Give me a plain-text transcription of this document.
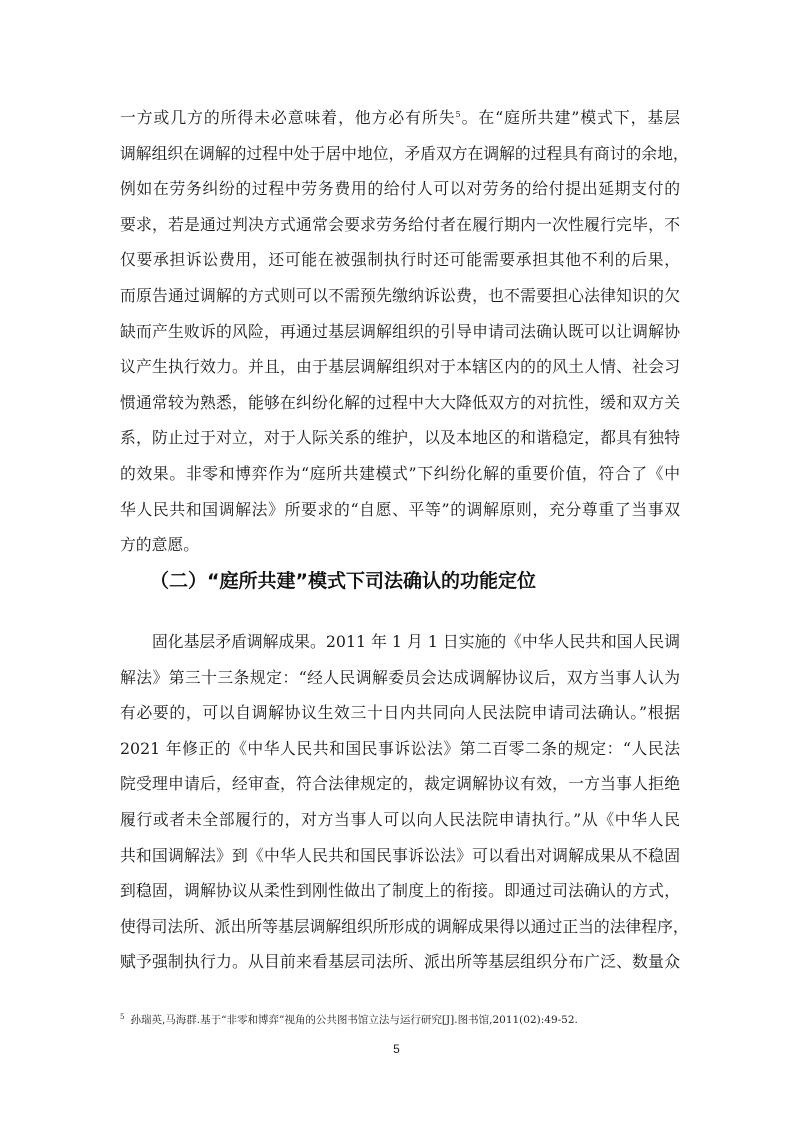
一方或几方的所得未必意味着，他方必有所失$^5$。在“庭所共建”模式下，基层
调解组织在调解的过程中处于居中地位，矛盾双方在调解的过程具有商讨的余地，
例如在劳务纠纷的过程中劳务费用的给付人可以对劳务的给付提出延期支付的
要求，若是通过判决方式通常会要求劳务给付者在履行期内一次性履行完毕，不
仅要承担诉讼费用，还可能在被强制执行时还可能需要承担其他不利的后果，
而原告通过调解的方式则可以不需预先缴纳诉讼费，也不需要担心法律知识的欠
缺而产生败诉的风险，再通过基层调解组织的引导申请司法确认既可以让调解协
议产生执行效力。并且，由于基层调解组织对于本辖区内的的风土人情、社会习
惯通常较为熟悉，能够在纠纷化解的过程中大大降低双方的对抗性，缓和双方关
系，防止过于对立，对于人际关系的维护，以及本地区的和谐稳定，都具有独特
的效果。非零和博弈作为“庭所共建模式”下纠纷化解的重要价值，符合了《中
华人民共和国调解法》所要求的“自愿、平等”的调解原则，充分尊重了当事双
方的意愿。
（二）“庭所共建”模式下司法确认的功能定位
固化基层矛盾调解成果。2011 年 1 月 1 日实施的《中华人民共和国人民调
解法》第三十三条规定：“经人民调解委员会达成调解协议后，双方当事人认为
有必要的，可以自调解协议生效三十日内共同向人民法院申请司法确认。”根据
2021 年修正的《中华人民共和国民事诉讼法》第二百零二条的规定：“人民法
院受理申请后，经审查，符合法律规定的，裁定调解协议有效，一方当事人拒绝
履行或者未全部履行的，对方当事人可以向人民法院申请执行。”从《中华人民
共和国调解法》到《中华人民共和国民事诉讼法》可以看出对调解成果从不稳固
到稳固，调解协议从柔性到刚性做出了制度上的衔接。即通过司法确认的方式，
使得司法所、派出所等基层调解组织所形成的调解成果得以通过正当的法律程序，
赋予强制执行力。从目前来看基层司法所、派出所等基层组织分布广泛、数量众
$^5$ 孙瑞英,马海群.基于“非零和博弈”视角的公共图书馆立法与运行研究[J].图书馆,2011(02):49-52.
5
